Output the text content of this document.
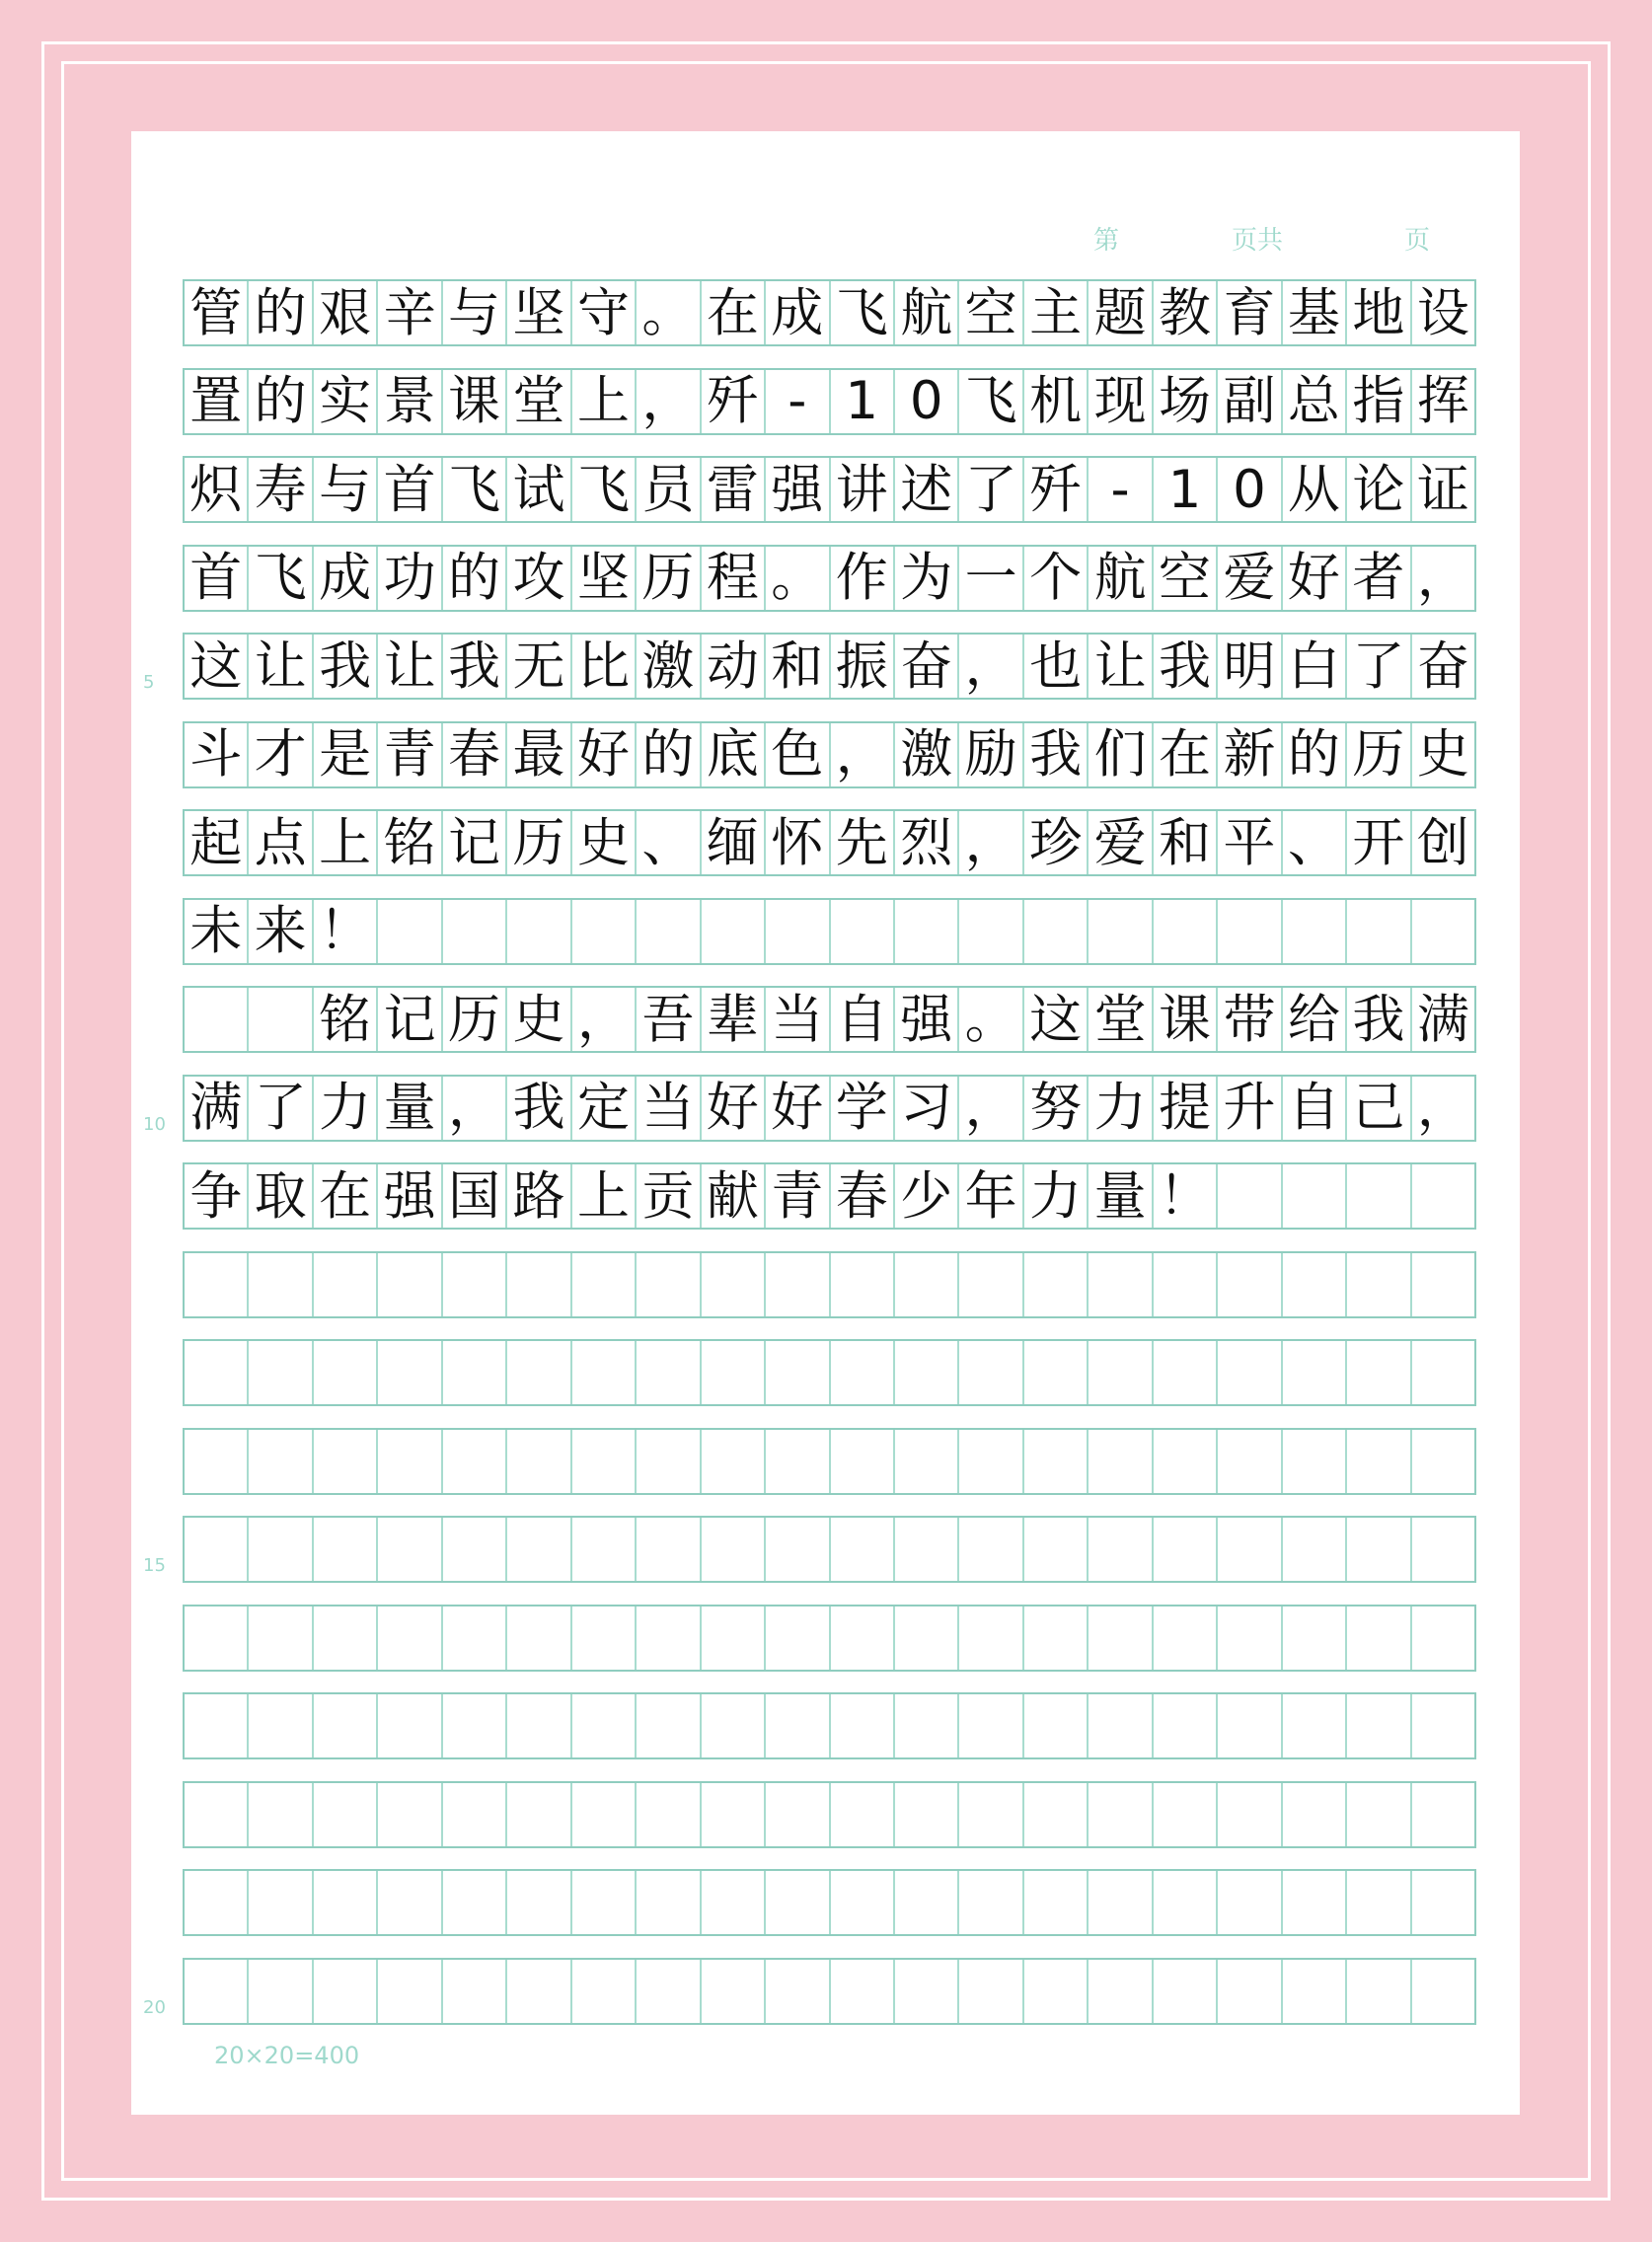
第	页共	页
管 的 艰 辛 与 坚 守 。 在 成 飞 航 空 主 题 教 育 基 地 设
置 的 实 景 课 堂 上 ， 歼 - 1 0 飞 机 现 场 副 总 指 挥
炽 寿 与 首 飞 试 飞 员 雷 强 讲 述 了 歼 - 1 0 从 论 证
首 飞 成 功 的 攻 坚 历 程 。 作 为 一 个 航 空 爱 好 者 ，
这 让 我 让 我 无 比 激 动 和 振 奋 ， 也 让 我 明 白 了 奋
5
斗 才 是 青 春 最 好 的 底 色 ， 激 励 我 们 在 新 的 历 史
起 点 上 铭 记 历 史 、 缅 怀 先 烈 ， 珍 爱 和 平 、 开 创
未 来 ！
铭 记 历 史 ， 吾 辈 当 自 强 。 这 堂 课 带 给 我 满
满 了 力 量 ， 我 定 当 好 好 学 习 ， 努 力 提 升 自 己 ，
10
争 取 在 强 国 路 上 贡 献 青 春 少 年 力 量 ！
15
20
20×20=400
